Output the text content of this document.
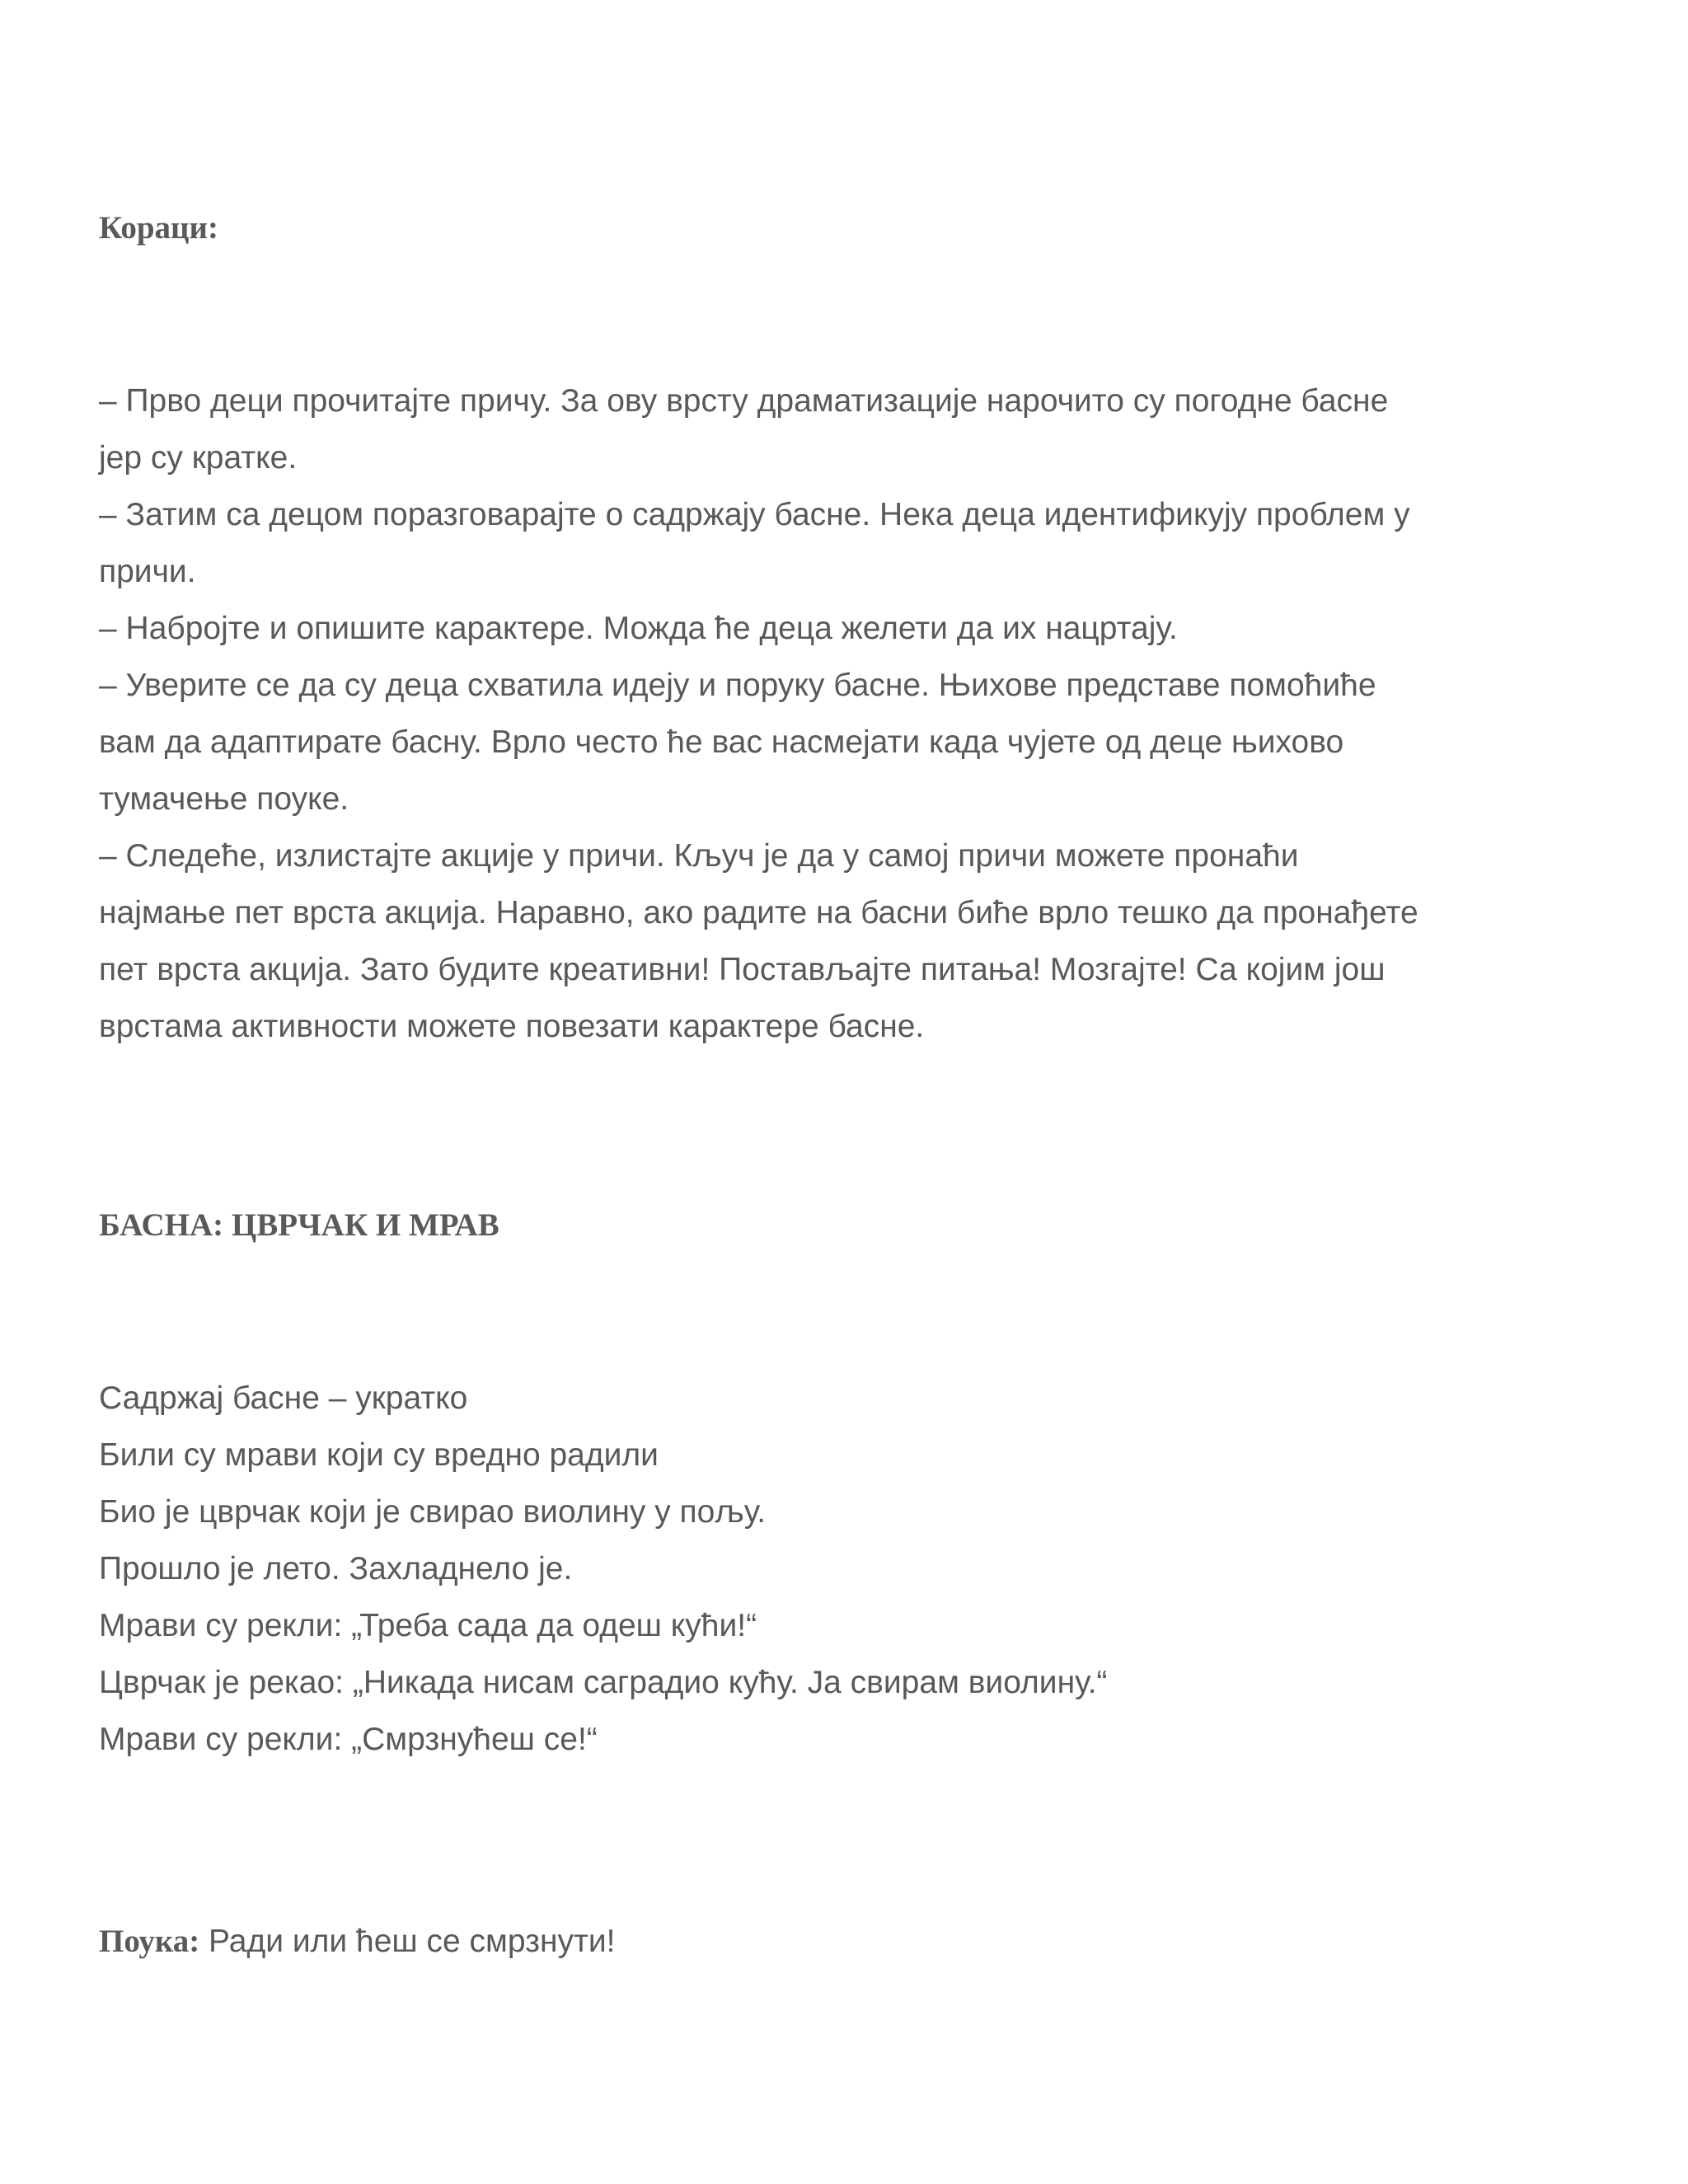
Кораци:
– Прво деци прочитајте причу. За ову врсту драматизације нарочито су погодне басне
јер су кратке.
– Затим са децом поразговарајте о садржају басне. Нека деца идентификују проблем у
причи.
– Набројте и опишите карактере. Можда ће деца желети да их нацртају.
– Уверите се да су деца схватила идеју и поруку басне. Њихове представе помоћиће
вам да адаптирате басну. Врло често ће вас насмејати када чујете од деце њихово
тумачење поуке.
– Следеће, излистајте акције у причи. Кључ је да у самој причи можете пронаћи
најмање пет врста акција. Наравно, ако радите на басни биће врло тешко да пронађете
пет врста акција. Зато будите креативни! Постављајте питања! Мозгајте! Са којим још
врстама активности можете повезати карактере басне.
БАСНА: ЦВРЧАК И МРАВ
Садржај басне – укратко
Били су мрави који су вредно радили
Био је цврчак који је свирао виолину у пољу.
Прошло је лето. Захладнело је.
Мрави су рекли: „Треба сада да одеш кући!“
Цврчак је рекао: „Никада нисам саградио кућу. Ја свирам виолину.“
Мрави су рекли: „Смрзнућеш се!“
Поука: Ради или ћеш се смрзнути!
